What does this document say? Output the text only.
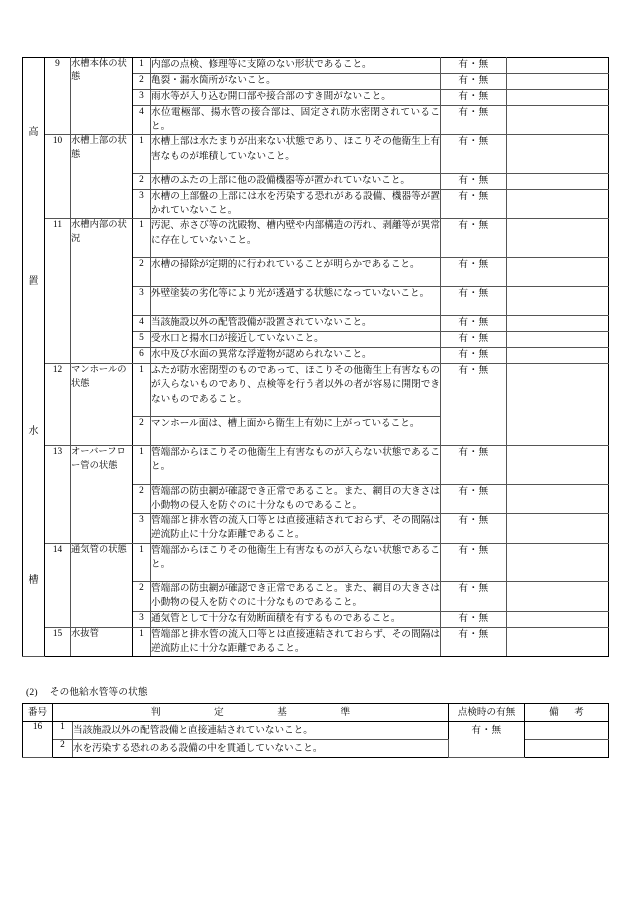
高
置
水
槽	9	水槽本体の状態	1	内部の点検、修理等に支障のない形状であること。	有・無	
			2	亀裂・漏水箇所がないこと。	有・無	
			3	雨水等が入り込む開口部や接合部のすき間がないこと。	有・無	
			4	水位電極部、揚水管の接合部は、固定され防水密閉されていること。	有・無	
	10	水槽上部の状態	1	水槽上部は水たまりが出来ない状態であり、ほこりその他衛生上有害なものが堆積していないこと。	有・無	
			2	水槽のふたの上部に他の設備機器等が置かれていないこと。	有・無	
			3	水槽の上部盤の上部には水を汚染する恐れがある設備、機器等が置かれていないこと。	有・無	
	11	水槽内部の状況	1	汚泥、赤さび等の沈殿物、槽内壁や内部構造の汚れ、剥離等が異常に存在していないこと。	有・無	
			2	水槽の掃除が定期的に行われていることが明らかであること。	有・無	
			3	外壁塗装の劣化等により光が透過する状態になっていないこと。	有・無	
			4	当該施設以外の配管設備が設置されていないこと。	有・無	
			5	受水口と揚水口が接近していないこと。	有・無	
			6	水中及び水面の異常な浮遊物が認められないこと。	有・無	
	12	マンホールの状態	1	ふたが防水密閉型のものであって、ほこりその他衛生上有害なものが入らないものであり、点検等を行う者以外の者が容易に開閉できないものであること。	有・無	
			2	マンホール面は、槽上面から衛生上有効に上がっていること。		
	13	オーバーフロー管の状態	1	管端部からほこりその他衛生上有害なものが入らない状態であること。	有・無	
			2	管端部の防虫網が確認でき正常であること。また、網目の大きさは小動物の侵入を防ぐのに十分なものであること。	有・無	
			3	管端部と排水管の流入口等とは直接連結されておらず、その間隔は逆流防止に十分な距離であること。	有・無	
	14	通気管の状態	1	管端部からほこりその他衛生上有害なものが入らない状態であること。	有・無	
			2	管端部の防虫網が確認でき正常であること。また、網目の大きさは小動物の侵入を防ぐのに十分なものであること。	有・無	
			3	通気管として十分な有効断面積を有するものであること。	有・無	
	15	水抜管	1	管端部と排水管の流入口等とは直接連結されておらず、その間隔は逆流防止に十分な距離であること。	有・無	
(2) その他給水管等の状態
番号	判　定　基　準		点検時の有無	備　考
16	1	当該施設以外の配管設備と直接連結されていないこと。	有・無	
	2	水を汚染する恐れのある設備の中を貫通していないこと。		
